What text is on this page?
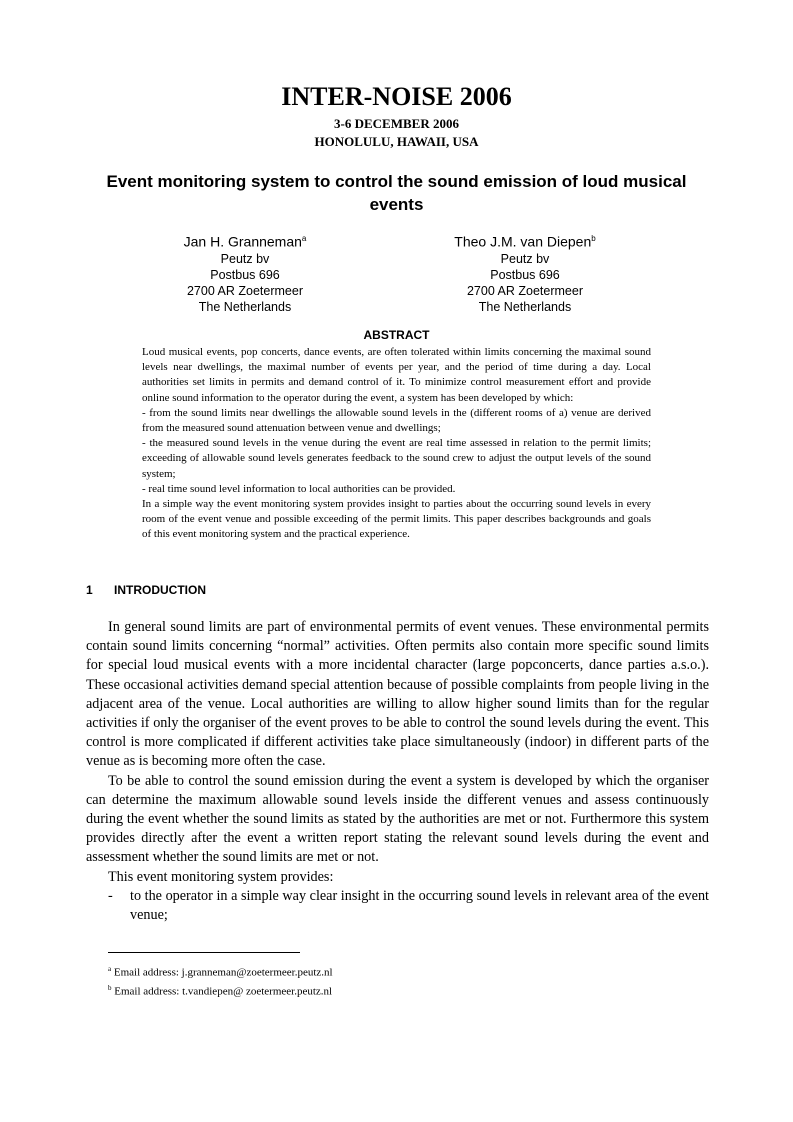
INTER-NOISE 2006
3-6 DECEMBER 2006
HONOLULU, HAWAII, USA
Event monitoring system to control the sound emission of loud musical events
Jan H. Granneman$^a$
Peutz bv
Postbus 696
2700 AR Zoetermeer
The Netherlands
Theo J.M. van Diepen$^b$
Peutz bv
Postbus 696
2700 AR Zoetermeer
The Netherlands
ABSTRACT

Loud musical events, pop concerts, dance events, are often tolerated within limits concerning the maximal sound levels near dwellings, the maximal number of events per year, and the period of time during a day. Local authorities set limits in permits and demand control of it. To minimize control measurement effort and provide online sound information to the operator during the event, a system has been developed by which:

- from the sound limits near dwellings the allowable sound levels in the (different rooms of a) venue are derived from the measured sound attenuation between venue and dwellings;

- the measured sound levels in the venue during the event are real time assessed in relation to the permit limits; exceeding of allowable sound levels generates feedback to the sound crew to adjust the output levels of the sound system;

- real time sound level information to local authorities can be provided.

In a simple way the event monitoring system provides insight to parties about the occurring sound levels in every room of the event venue and possible exceeding of the permit limits. This paper describes backgrounds and goals of this event monitoring system and the practical experience.

1 INTRODUCTION

In general sound limits are part of environmental permits of event venues. These environmental permits contain sound limits concerning “normal” activities. Often permits also contain more specific sound limits for special loud musical events with a more incidental character (large popconcerts, dance parties a.s.o.). These occasional activities demand special attention because of possible complaints from people living in the adjacent area of the venue. Local authorities are willing to allow higher sound limits than for the regular activities if only the organiser of the event proves to be able to control the sound levels during the event. This control is more complicated if different activities take place simultaneously (indoor) in different parts of the venue as is becoming more often the case.

To be able to control the sound emission during the event a system is developed by which the organiser can determine the maximum allowable sound levels inside the different venues and assess continuously during the event whether the sound limits as stated by the authorities are met or not. Furthermore this system provides directly after the event a written report stating the relevant sound levels during the event and assessment whether the sound limits are met or not.

This event monitoring system provides:

-	to the operator in a simple way clear insight in the occurring sound levels in relevant area of the event venue;
$^a$ Email address: j.granneman@zoetermeer.peutz.nl
$^b$ Email address: t.vandiepen@ zoetermeer.peutz.nl
